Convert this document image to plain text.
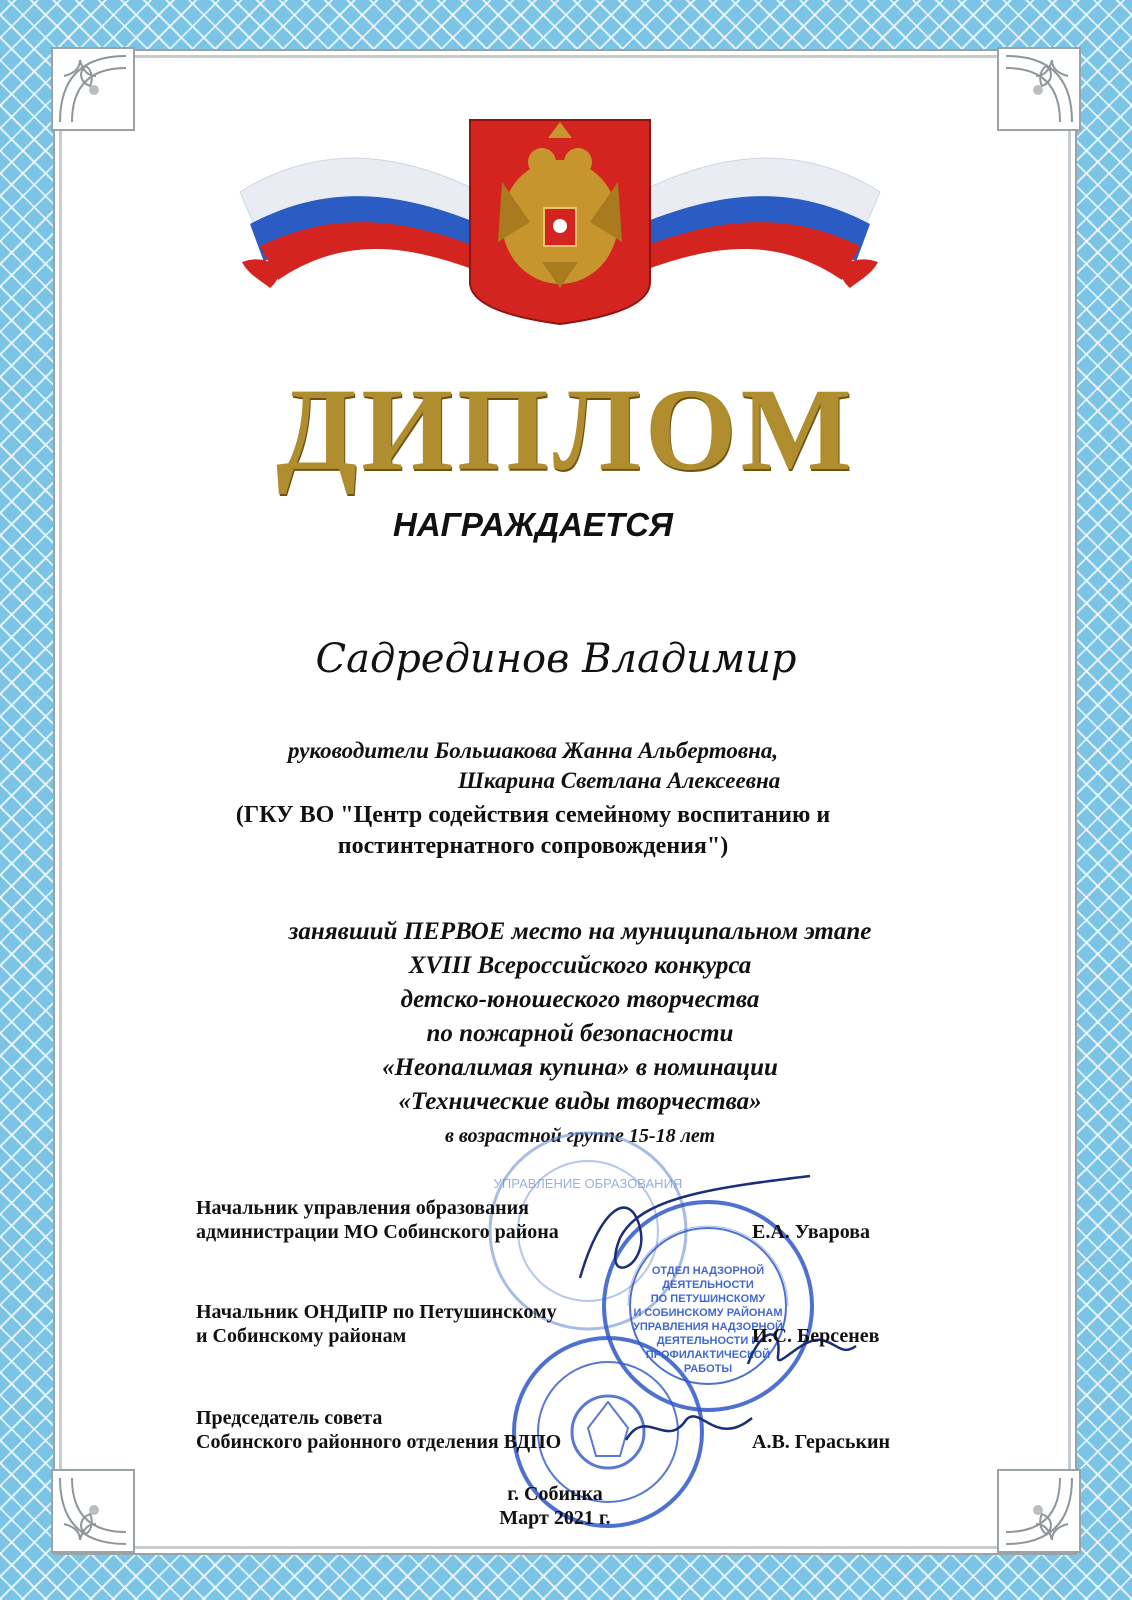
ДИПЛОМ
НАГРАЖДАЕТСЯ
Садрединов Владимир
руководители Большакова Жанна Альбертовна,
Шкарина Светлана Алексеевна
(ГКУ ВО "Центр содействия семейному воспитанию и
постинтернатного сопровождения")
занявший ПЕРВОЕ место на муниципальном этапе
XVIII Всероссийского конкурса
детско-юношеского творчества
по пожарной безопасности
«Неопалимая купина» в номинации
«Технические виды творчества»
в возрастной группе 15-18 лет
УПРАВЛЕНИЕ ОБРАЗОВАНИЯ
ОТДЕЛ НАДЗОРНОЙ
ДЕЯТЕЛЬНОСТИ
ПО ПЕТУШИНСКОМУ
И СОБИНСКОМУ РАЙОНАМ
УПРАВЛЕНИЯ НАДЗОРНОЙ
ДЕЯТЕЛЬНОСТИ И
ПРОФИЛАКТИЧЕСКОЙ
РАБОТЫ
Начальник управления образования
администрации МО Собинского района	Е.А. Уварова
Начальник ОНДиПР по Петушинскому
и Собинскому районам	И.С. Берсенев
Председатель совета
Собинского районного отделения ВДПО	А.В. Гераськин
г. Собинка
Март 2021 г.
